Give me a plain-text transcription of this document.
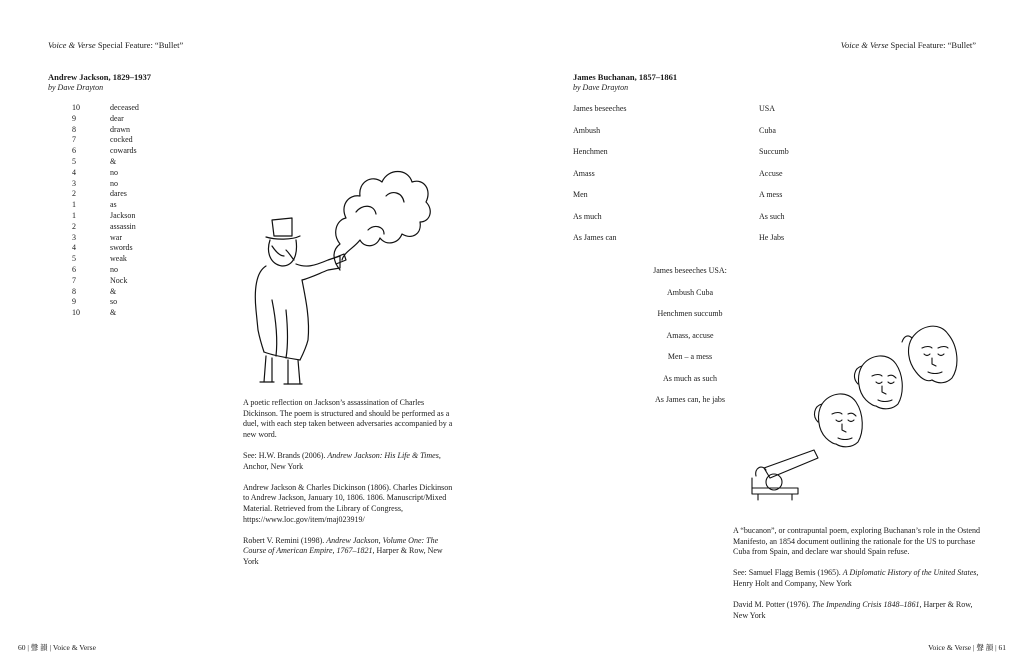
Voice & Verse Special Feature: “Bullet”
Andrew Jackson, 1829–1937
by Dave Drayton
10	deceased
9	dear
8	drawn
7	cocked
6	cowards
5	&
4	no
3	no
2	dares
1	as
1	Jackson
2	assassin
3	war
4	swords
5	weak
6	no
7	Nock
8	&
9	so
10	&

A poetic reflection on Jackson’s assassination of Charles Dickinson. The poem is structured and should be performed as a duel, with each step taken between adversaries accompanied by a new word.

See: H.W. Brands (2006). Andrew Jackson: His Life & Times, Anchor, New York

Andrew Jackson & Charles Dickinson (1806). Charles Dickinson to Andrew Jackson, January 10, 1806. 1806. Manuscript/Mixed Material. Retrieved from the Library of Congress, https://www.loc.gov/item/maj023919/

Robert V. Remini (1998). Andrew Jackson, Volume One: The Course of American Empire, 1767–1821, Harper & Row, New York

60 | 聲 韻 | Voice & Verse
Voice & Verse Special Feature: “Bullet”
James Buchanan, 1857–1861
by Dave Drayton
James beseeches	USA
Ambush	Cuba
Henchmen	Succumb
Amass	Accuse
Men	A mess
As much	As such
As James can	He Jabs
James beseeches USA:
Ambush Cuba
Henchmen succumb
Amass, accuse
Men – a mess
As much as such
As James can, he jabs

A “bucanon”, or contrapuntal poem, exploring Buchanan’s role in the Ostend Manifesto, an 1854 document outlining the rationale for the US to purchase Cuba from Spain, and declare war should Spain refuse.

See: Samuel Flagg Bemis (1965). A Diplomatic History of the United States, Henry Holt and Company, New York

David M. Potter (1976). The Impending Crisis 1848–1861, Harper & Row, New York

Voice & Verse | 聲 韻 | 61
